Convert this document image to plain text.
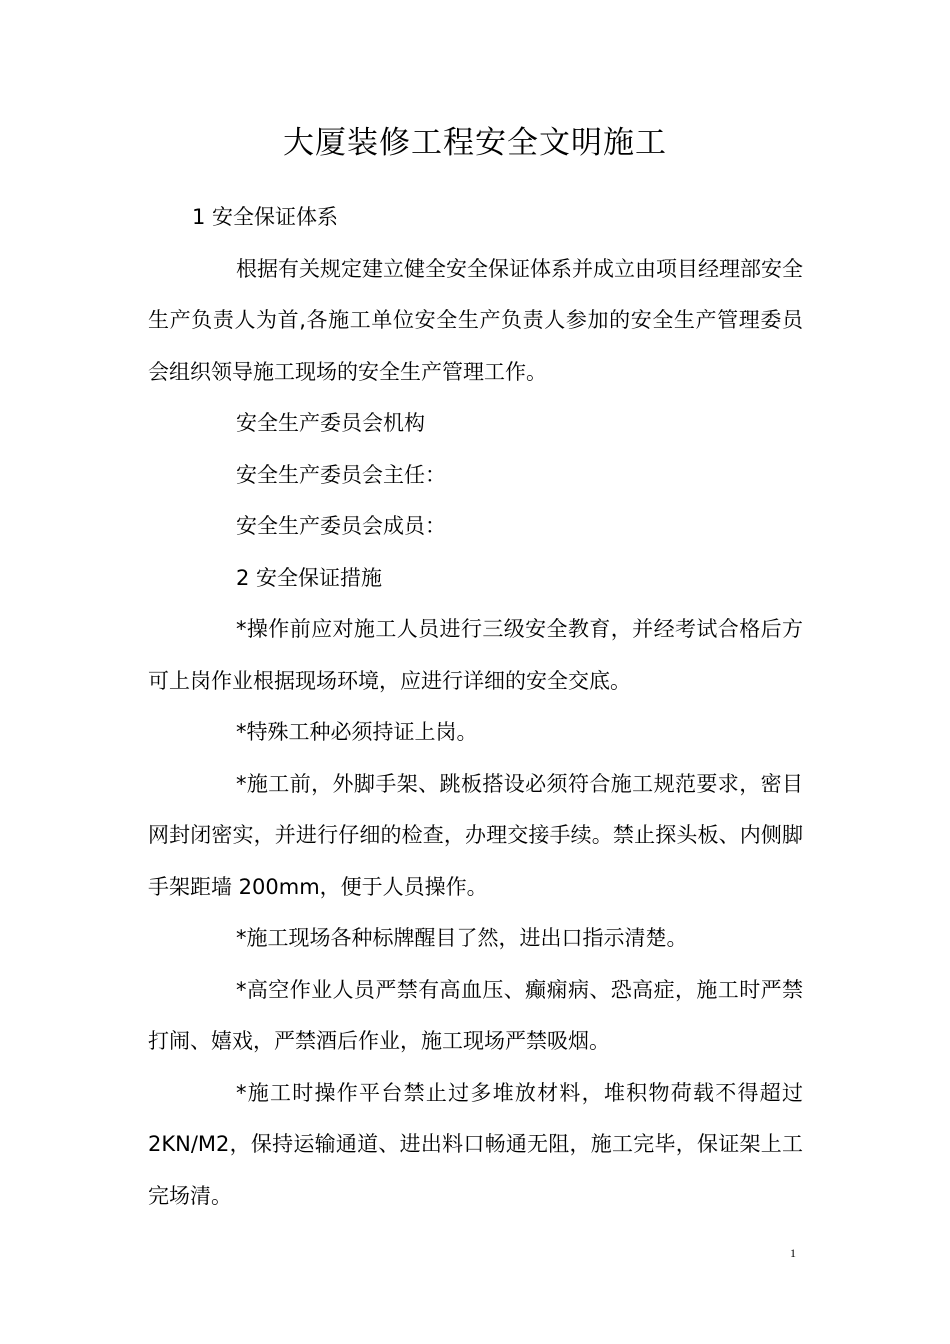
大厦装修工程安全文明施工

1 安全保证体系

根据有关规定建立健全安全保证体系并成立由项目经理部安全生产负责人为首,各施工单位安全生产负责人参加的安全生产管理委员会组织领导施工现场的安全生产管理工作。

安全生产委员会机构

安全生产委员会主任：

安全生产委员会成员：

2 安全保证措施

*操作前应对施工人员进行三级安全教育，并经考试合格后方可上岗作业根据现场环境，应进行详细的安全交底。

*特殊工种必须持证上岗。

*施工前，外脚手架、跳板搭设必须符合施工规范要求，密目网封闭密实，并进行仔细的检查，办理交接手续。禁止探头板、内侧脚手架距墙 200mm，便于人员操作。

*施工现场各种标牌醒目了然，进出口指示清楚。

*高空作业人员严禁有高血压、癫痫病、恐高症，施工时严禁打闹、嬉戏，严禁酒后作业，施工现场严禁吸烟。

*施工时操作平台禁止过多堆放材料，堆积物荷载不得超过 2KN/M2，保持运输通道、进出料口畅通无阻，施工完毕，保证架上工完场清。

1
